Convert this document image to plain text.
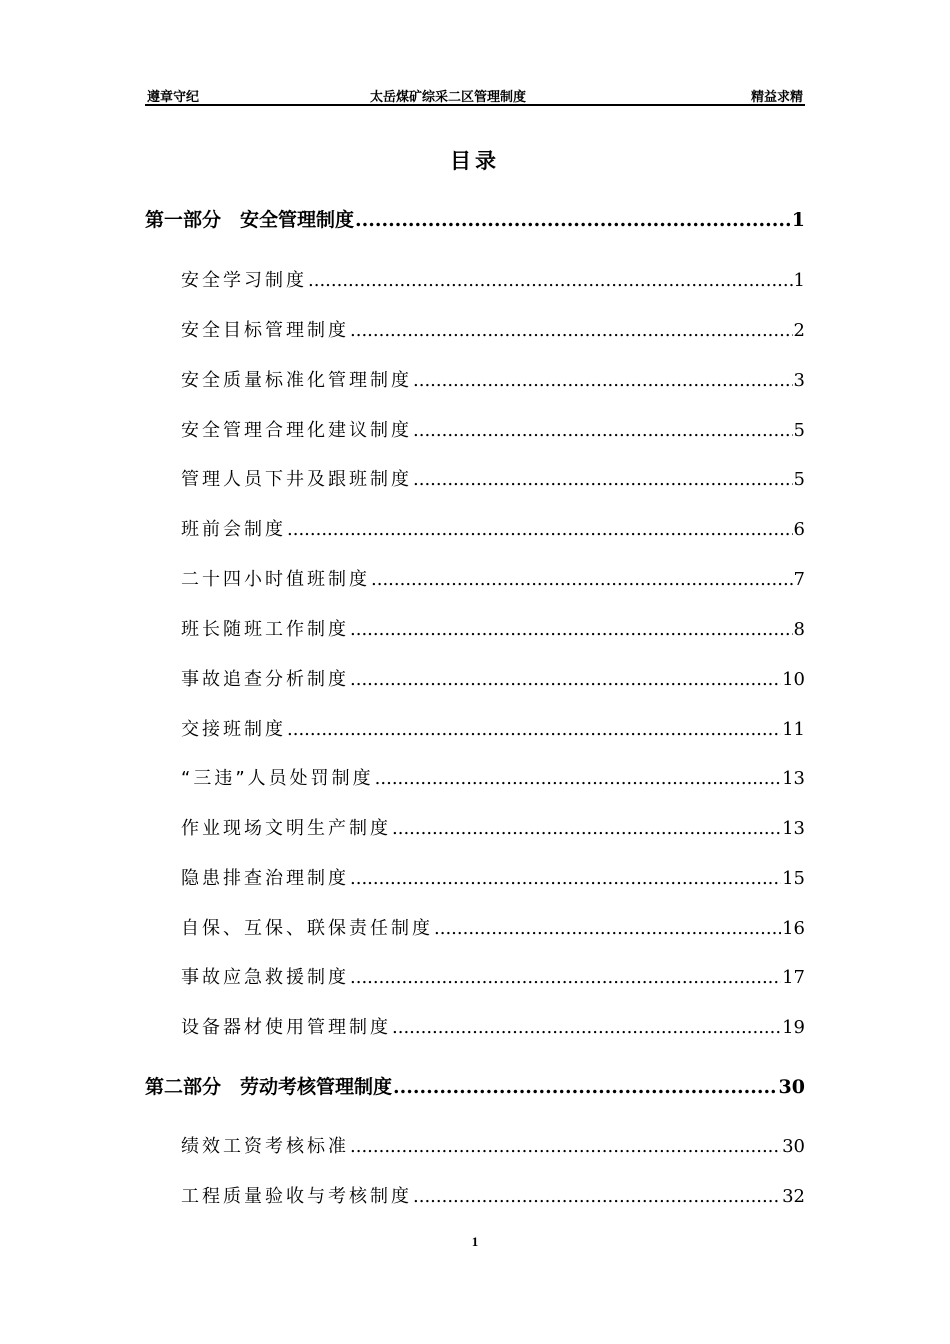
遵章守纪	太岳煤矿综采二区管理制度	精益求精
目录
第一部分　安全管理制度 .....	1
安全学习制度 .....	1
安全目标管理制度 .....	2
安全质量标准化管理制度 .....	3
安全管理合理化建议制度 .....	5
管理人员下井及跟班制度 .....	5
班前会制度 .....	6
二十四小时值班制度 .....	7
班长随班工作制度 .....	8
事故追查分析制度 .....	10
交接班制度 .....	11
“三违”人员处罚制度 .....	13
作业现场文明生产制度 .....	13
隐患排查治理制度 .....	15
自保、互保、联保责任制度 .....	16
事故应急救援制度 .....	17
设备器材使用管理制度 .....	19
第二部分　劳动考核管理制度 .....	30
绩效工资考核标准 .....	30
工程质量验收与考核制度 .....	32
1
